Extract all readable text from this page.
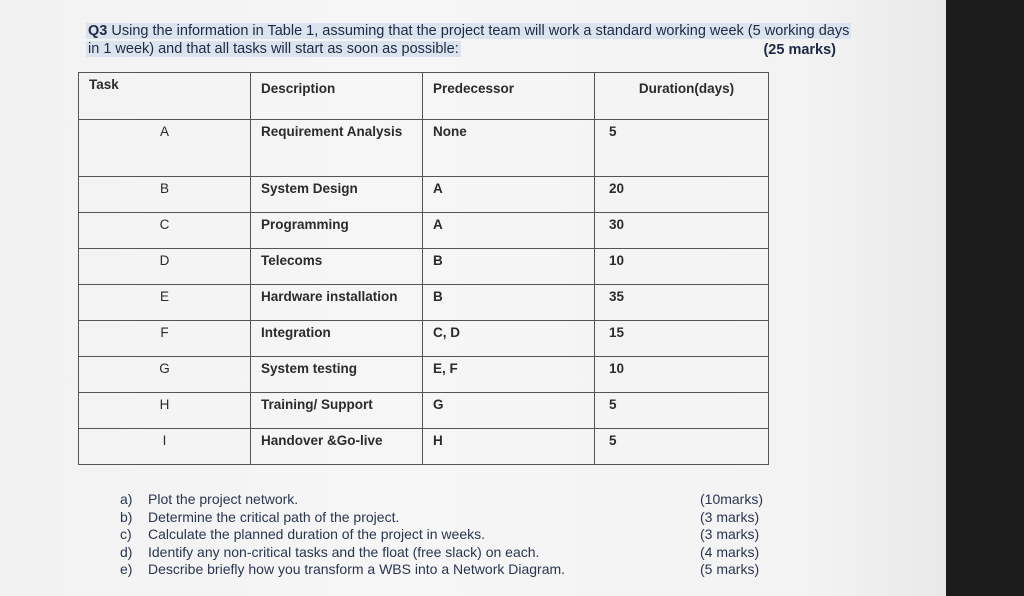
Q3 Using the information in Table 1, assuming that the project team will work a standard working week (5 working days
in 1 week) and that all tasks will start as soon as possible:	(25 marks)
Task	Description	Predecessor	Duration(days)
A	Requirement Analysis	None	5
B	System Design	A	20
C	Programming	A	30
D	Telecoms	B	10
E	Hardware installation	B	35
F	Integration	C, D	15
G	System testing	E, F	10
H	Training/ Support	G	5
I	Handover &Go-live	H	5
a) Plot the project network.	(10marks)
b) Determine the critical path of the project.	(3 marks)
c) Calculate the planned duration of the project in weeks.	(3 marks)
d) Identify any non-critical tasks and the float (free slack) on each.	(4 marks)
e) Describe briefly how you transform a WBS into a Network Diagram.	(5 marks)
